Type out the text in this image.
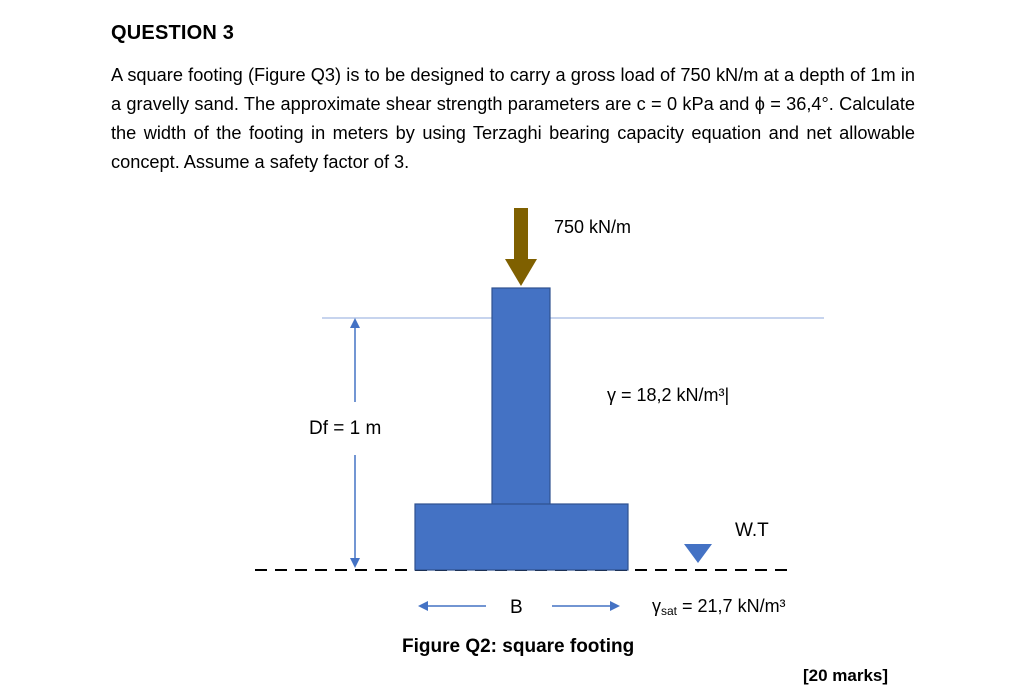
QUESTION 3
A square footing (Figure Q3) is to be designed to carry a gross load of 750 kN/m at a depth of 1m in a gravelly sand. The approximate shear strength parameters are c = 0 kPa and ϕ = 36,4°. Calculate the width of the footing in meters by using Terzaghi bearing capacity equation and net allowable concept. Assume a safety factor of 3.
750 kN/m
Df = 1 m
γ = 18,2 kN/m³|
W.T
B	γsat = 21,7 kN/m³
Figure Q2: square footing
[20 marks]
